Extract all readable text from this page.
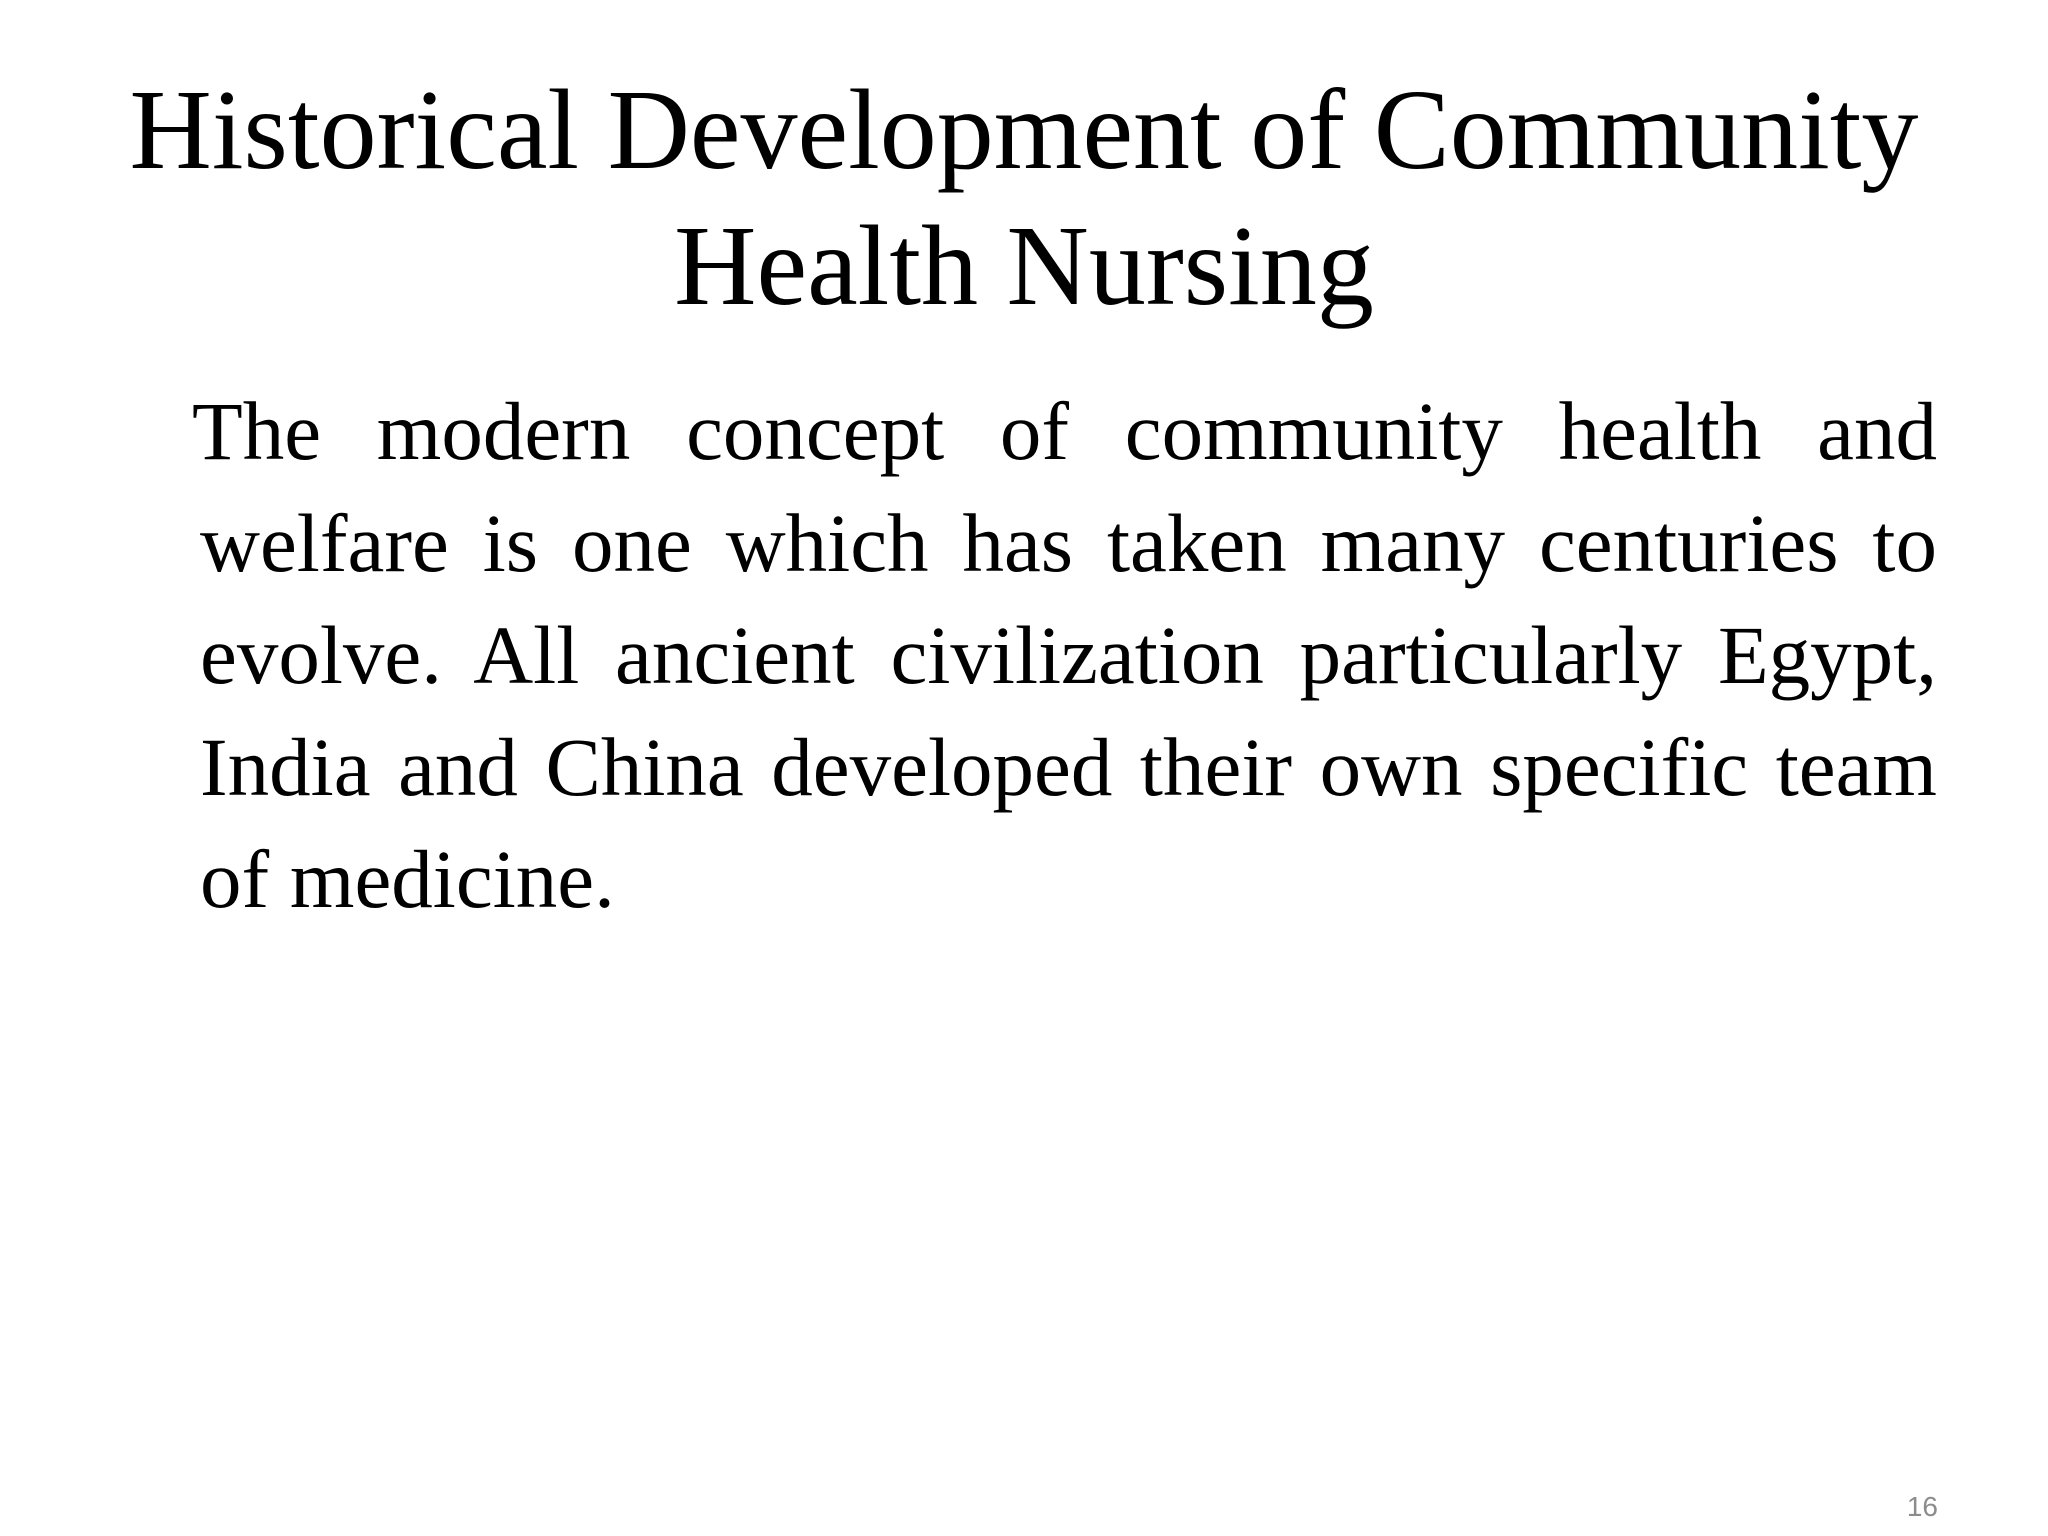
Historical Development of Community
Health Nursing

The modern concept of community health and welfare is one which has taken many centuries to evolve. All ancient civilization particularly Egypt, India and China developed their own specific team of medicine.

16
